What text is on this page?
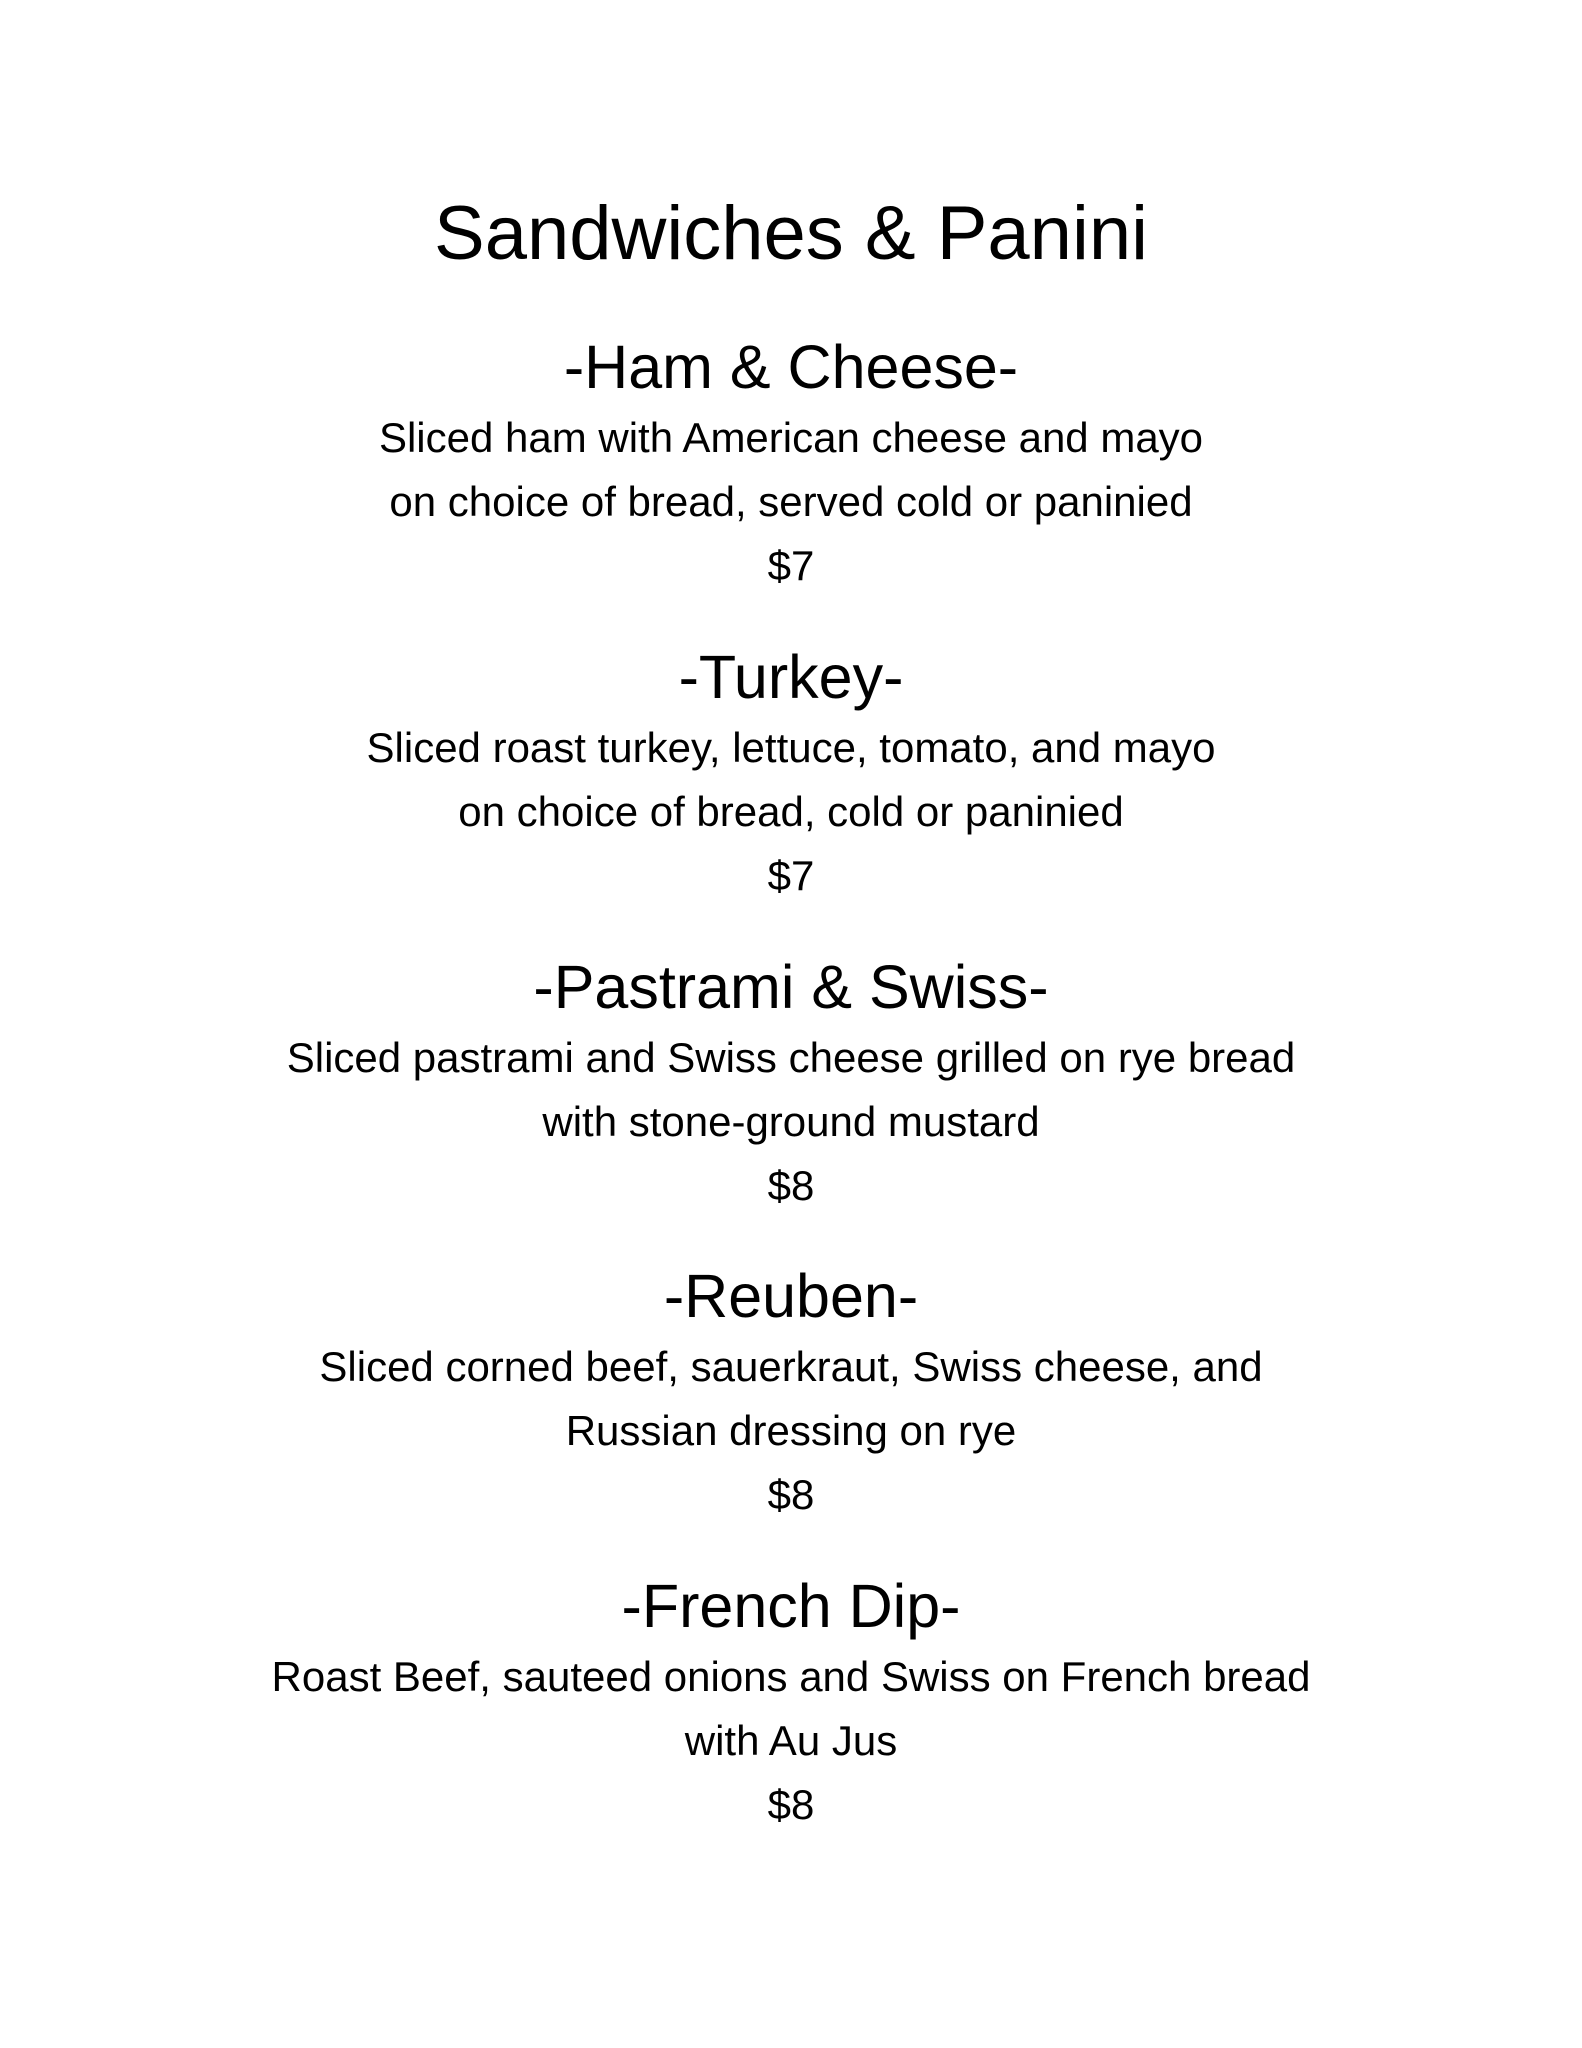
Sandwiches & Panini
-Ham & Cheese-
Sliced ham with American cheese and mayo
on choice of bread, served cold or paninied
$7
-Turkey-
Sliced roast turkey, lettuce, tomato, and mayo
on choice of bread, cold or paninied
$7
-Pastrami & Swiss-
Sliced pastrami and Swiss cheese grilled on rye bread
with stone-ground mustard
$8
-Reuben-
Sliced corned beef, sauerkraut, Swiss cheese, and
Russian dressing on rye
$8
-French Dip-
Roast Beef, sauteed onions and Swiss on French bread
with Au Jus
$8
